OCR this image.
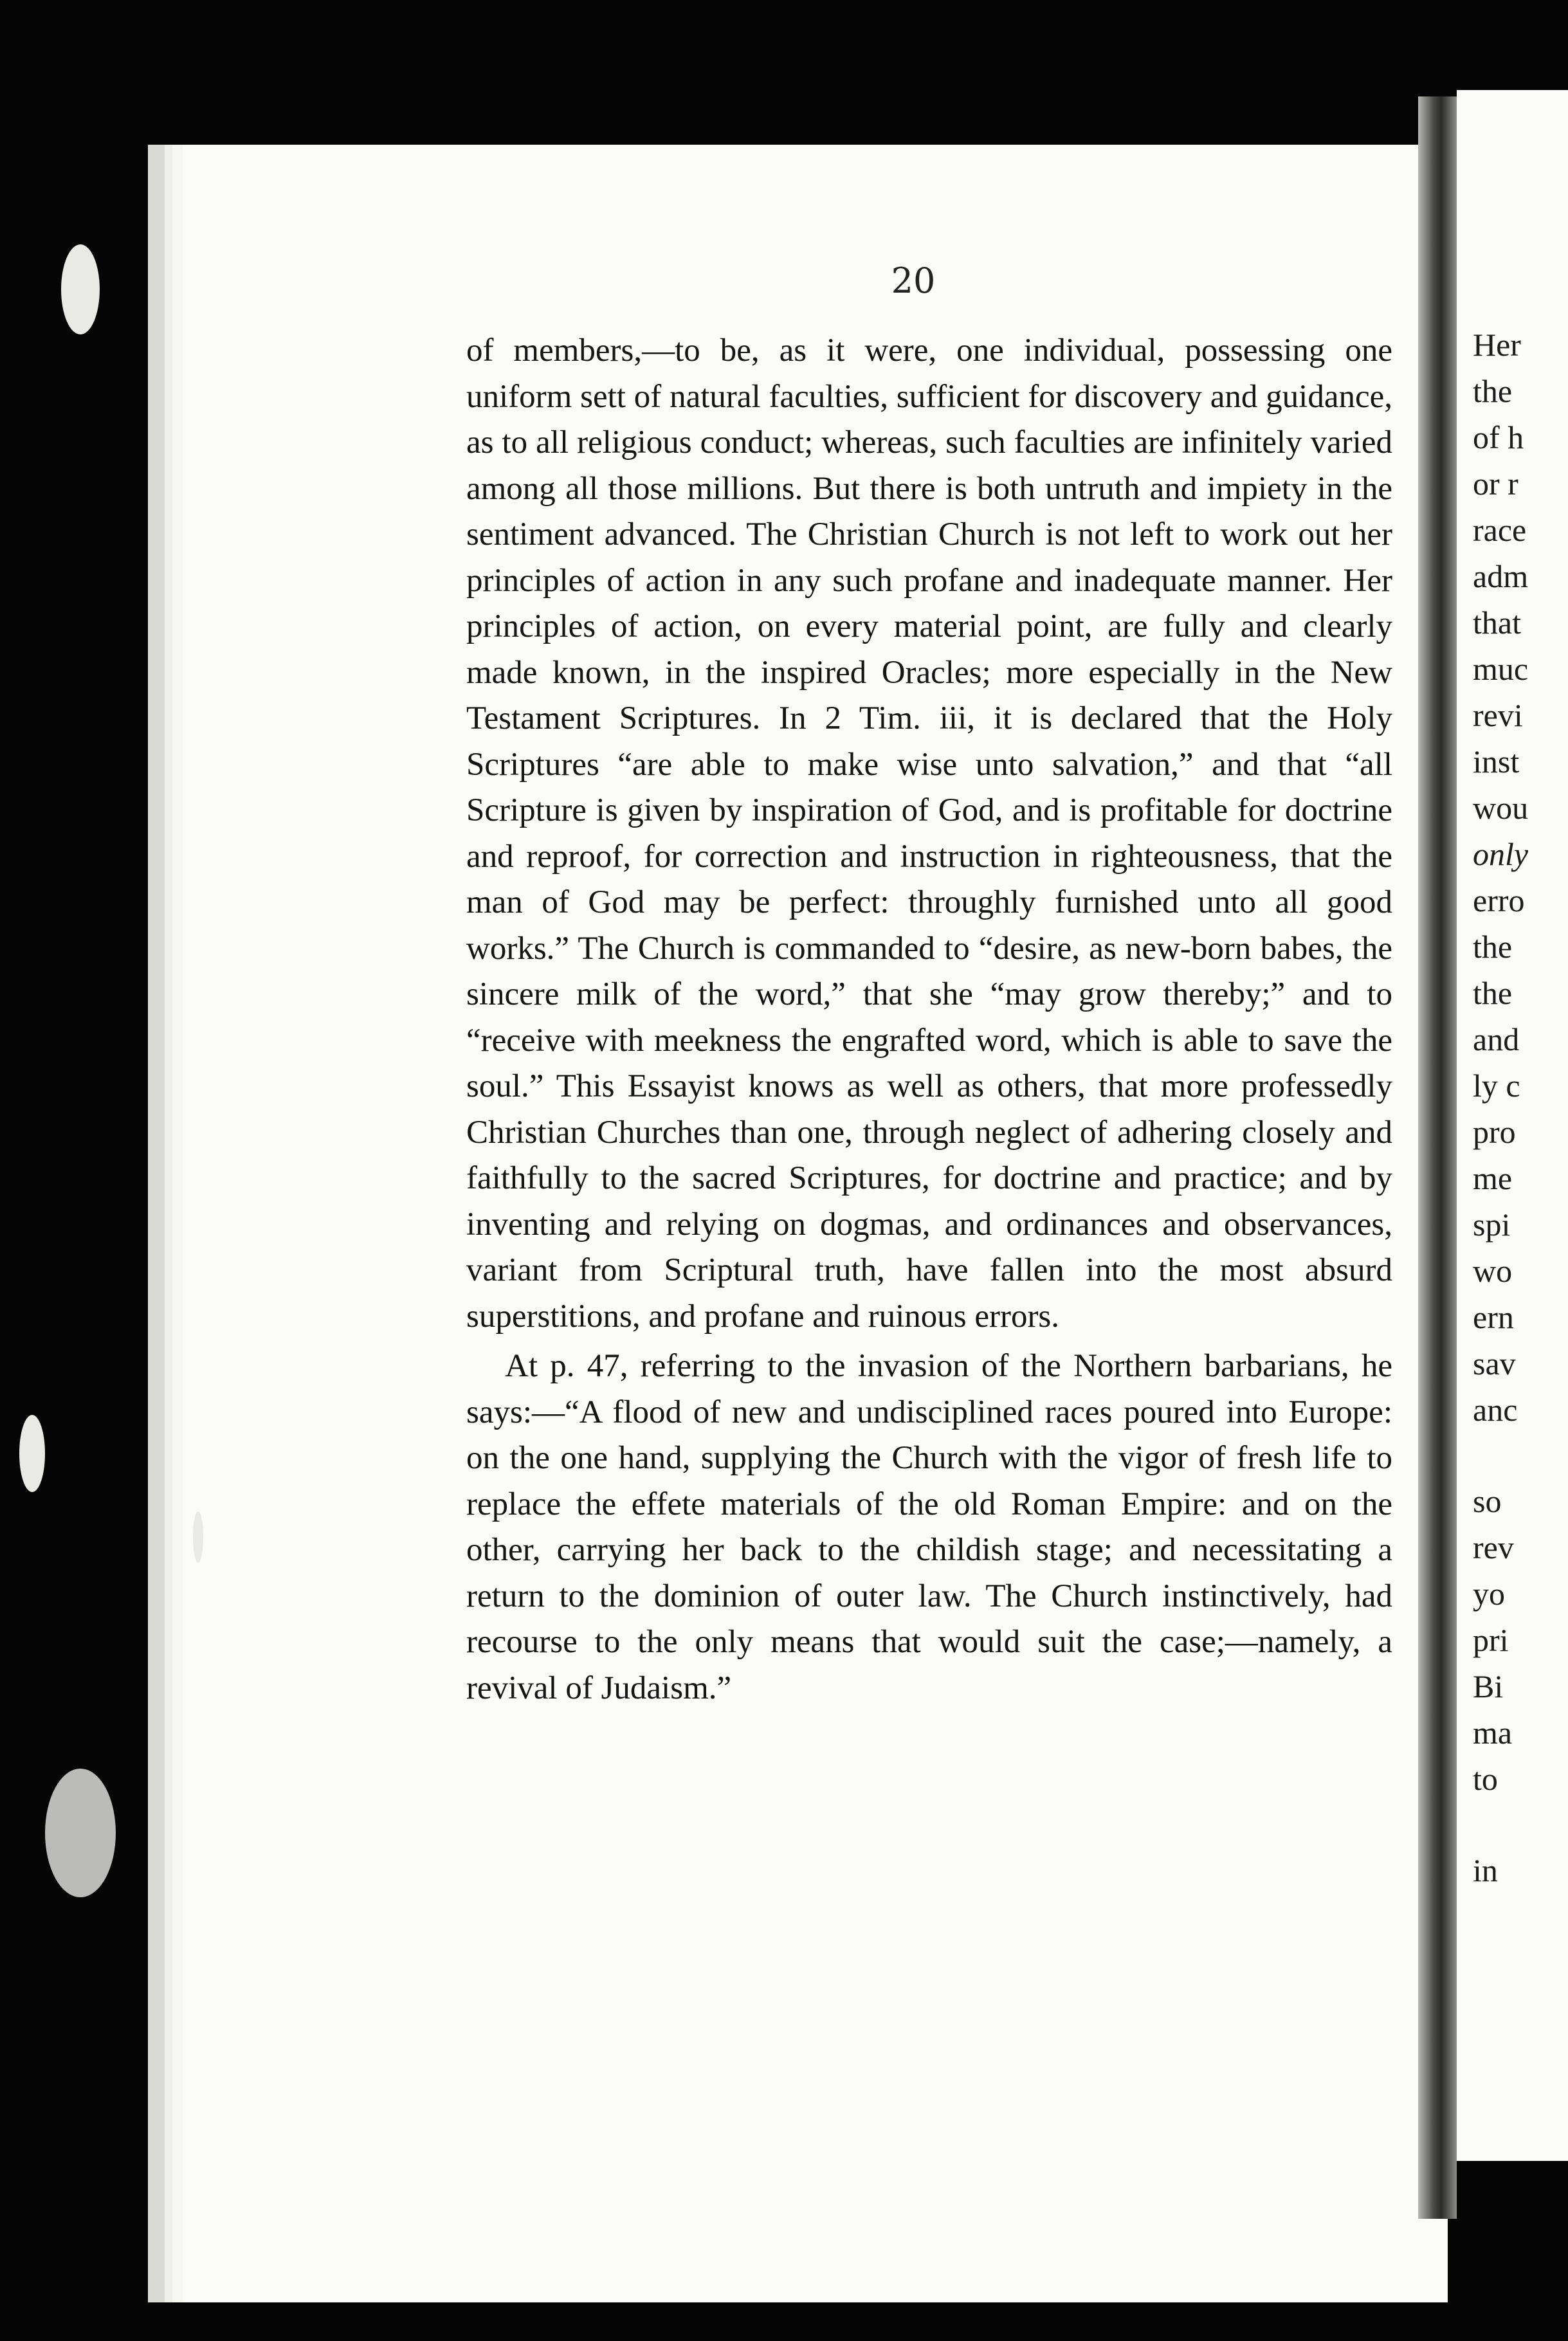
20

of members,—to be, as it were, one individual, possessing one uniform sett of natural faculties, sufficient for discovery and guidance, as to all religious conduct; whereas, such faculties are infinitely varied among all those millions. But there is both untruth and impiety in the sentiment advanced. The Christian Church is not left to work out her principles of action in any such profane and inadequate manner. Her principles of action, on every material point, are fully and clearly made known, in the inspired Oracles; more especially in the New Testament Scriptures. In 2 Tim. iii, it is declared that the Holy Scriptures “are able to make wise unto salvation,” and that “all Scripture is given by inspiration of God, and is profitable for doctrine and reproof, for correction and instruction in righteousness, that the man of God may be perfect: throughly furnished unto all good works.” The Church is commanded to “desire, as new-born babes, the sincere milk of the word,” that she “may grow thereby;” and to “receive with meekness the engrafted word, which is able to save the soul.” This Essayist knows as well as others, that more professedly Christian Churches than one, through neglect of adhering closely and faithfully to the sacred Scriptures, for doctrine and practice; and by inventing and relying on dogmas, and ordinances and observances, variant from Scriptural truth, have fallen into the most absurd superstitions, and profane and ruinous errors.

At p. 47, referring to the invasion of the Northern barbarians, he says:—“A flood of new and undisciplined races poured into Europe: on the one hand, supplying the Church with the vigor of fresh life to replace the effete materials of the old Roman Empire: and on the other, carrying her back to the childish stage; and necessitating a return to the dominion of outer law. The Church instinctively, had recourse to the only means that would suit the case;—namely, a revival of Judaism.”

Her
the
of h
or r
race
adm
that
muc
revi
inst
wou
only
erro
the
the
and
ly c
pro
me
spi
wo
ern
sav
anc
so
rev
yo
pri
Bi
ma
to
in
